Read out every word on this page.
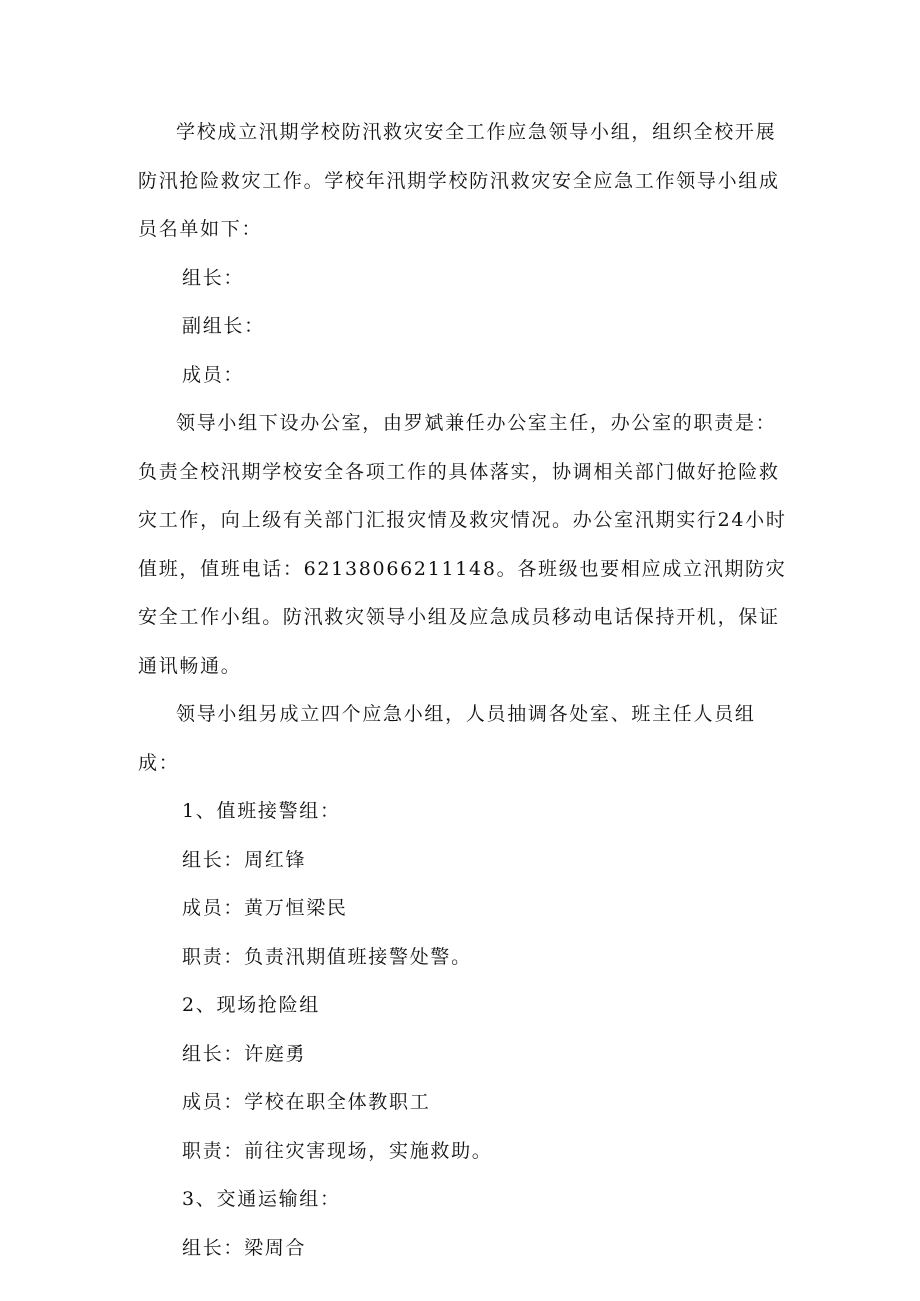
学校成立汛期学校防汛救灾安全工作应急领导小组，组织全校开展防汛抢险救灾工作。学校年汛期学校防汛救灾安全应急工作领导小组成员名单如下：

组长：

副组长：

成员：

领导小组下设办公室，由罗斌兼任办公室主任，办公室的职责是：负责全校汛期学校安全各项工作的具体落实，协调相关部门做好抢险救灾工作，向上级有关部门汇报灾情及救灾情况。办公室汛期实行24小时值班，值班电话：62138066211148。各班级也要相应成立汛期防灾安全工作小组。防汛救灾领导小组及应急成员移动电话保持开机，保证通讯畅通。

领导小组另成立四个应急小组，人员抽调各处室、班主任人员组成：

1、值班接警组：

组长：周红锋

成员：黄万恒梁民

职责：负责汛期值班接警处警。

2、现场抢险组

组长：许庭勇

成员：学校在职全体教职工

职责：前往灾害现场，实施救助。

3、交通运输组：

组长：梁周合
